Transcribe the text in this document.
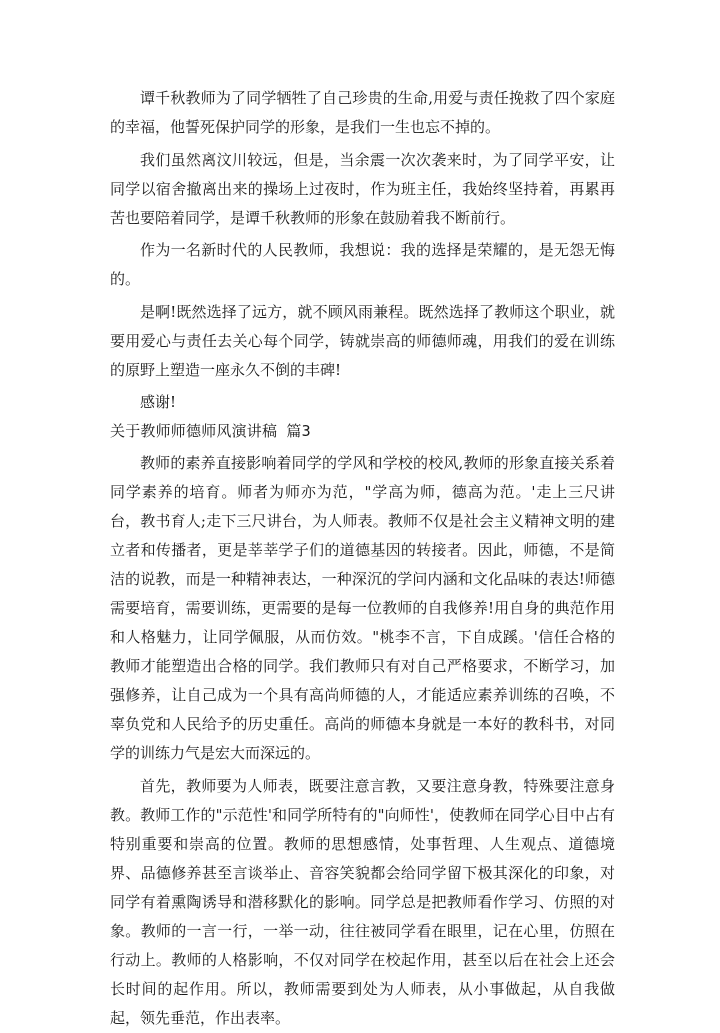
谭千秋教师为了同学牺牲了自己珍贵的生命,用爱与责任挽救了四个家庭的幸福，他誓死保护同学的形象，是我们一生也忘不掉的。

我们虽然离汶川较远，但是，当余震一次次袭来时，为了同学平安，让同学以宿舍撤离出来的操场上过夜时，作为班主任，我始终坚持着，再累再苦也要陪着同学，是谭千秋教师的形象在鼓励着我不断前行。

作为一名新时代的人民教师，我想说：我的选择是荣耀的，是无怨无悔的。

是啊!既然选择了远方，就不顾风雨兼程。既然选择了教师这个职业，就要用爱心与责任去关心每个同学，铸就崇高的师德师魂，用我们的爱在训练的原野上塑造一座永久不倒的丰碑!

感谢!

关于教师师德师风演讲稿 篇3

教师的素养直接影响着同学的学风和学校的校风,教师的形象直接关系着同学素养的培育。师者为师亦为范，"学高为师，德高为范。'走上三尺讲台，教书育人;走下三尺讲台，为人师表。教师不仅是社会主义精神文明的建立者和传播者，更是莘莘学子们的道德基因的转接者。因此，师德，不是简洁的说教，而是一种精神表达，一种深沉的学问内涵和文化品味的表达!师德需要培育，需要训练，更需要的是每一位教师的自我修养!用自身的典范作用和人格魅力，让同学佩服，从而仿效。"桃李不言，下自成蹊。'信任合格的教师才能塑造出合格的同学。我们教师只有对自己严格要求，不断学习，加强修养，让自己成为一个具有高尚师德的人，才能适应素养训练的召唤，不辜负党和人民给予的历史重任。高尚的师德本身就是一本好的教科书，对同学的训练力气是宏大而深远的。

首先，教师要为人师表，既要注意言教，又要注意身教，特殊要注意身教。教师工作的"示范性'和同学所特有的"向师性'，使教师在同学心目中占有特别重要和崇高的位置。教师的思想感情，处事哲理、人生观点、道德境界、品德修养甚至言谈举止、音容笑貌都会给同学留下极其深化的印象，对同学有着熏陶诱导和潜移默化的影响。同学总是把教师看作学习、仿照的对象。教师的一言一行，一举一动，往往被同学看在眼里，记在心里，仿照在行动上。教师的人格影响，不仅对同学在校起作用，甚至以后在社会上还会长时间的起作用。所以，教师需要到处为人师表，从小事做起，从自我做起，领先垂范，作出表率。
